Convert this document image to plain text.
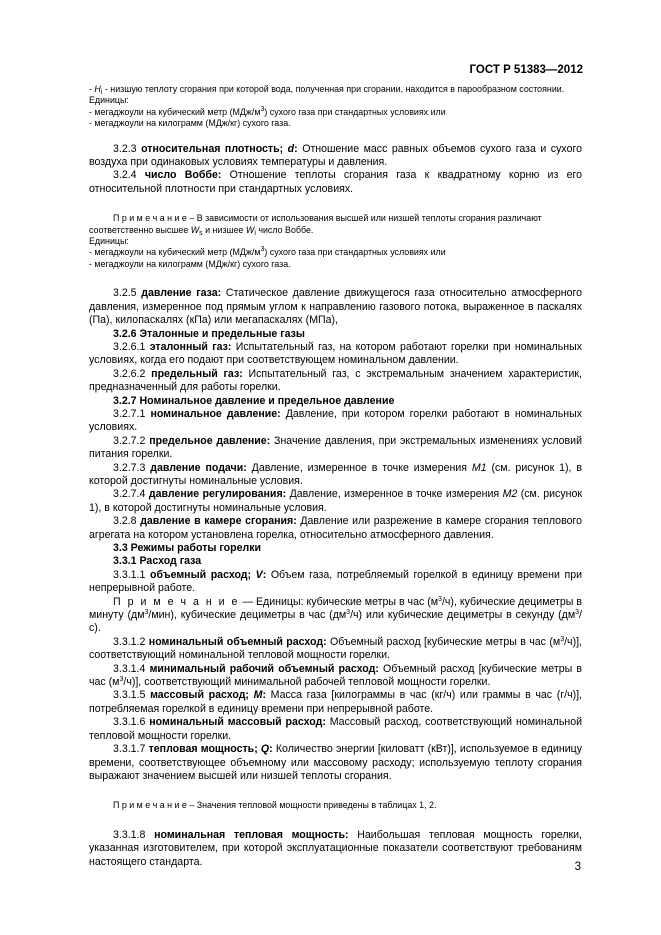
ГОСТ Р 51383—2012

- $H_i$ - низшую теплоту сгорания при которой вода, полученная при сгорании, находится в парообразном состоянии.

Единицы:

- мегаджоули на кубический метр $(МДж/м^3)$ сухого газа при стандартных условиях или

- мегаджоули на килограмм (МДж/кг) сухого газа.

3.2.3 относительная плотность; d: Отношение масс равных объемов сухого газа и сухого воздуха при одинаковых условиях температуры и давления.

3.2.4 число Воббе: Отношение теплоты сгорания газа к квадратному корню из его относительной плотности при стандартных условиях.

П р и м е ч а н и е – В зависимости от использования высшей или низшей теплоты сгорания различают соответственно высшее $W_s$ и низшее $W_i$ число Воббе.

Единицы:

- мегаджоули на кубический метр $(МДж/м^3)$ сухого газа при стандартных условиях или

- мегаджоули на килограмм (МДж/кг) сухого газа.

3.2.5 давление газа: Статическое давление движущегося газа относительно атмосферного давления, измеренное под прямым углом к направлению газового потока, выраженное в паскалях (Па), килопаскалях (кПа) или мегапаскалях (МПа),

3.2.6 Эталонные и предельные газы

3.2.6.1 эталонный газ: Испытательный газ, на котором работают горелки при номинальных условиях, когда его подают при соответствующем номинальном давлении.

3.2.6.2 предельный газ: Испытательный газ, с экстремальным значением характеристик, предназначенный для работы горелки.

3.2.7 Номинальное давление и предельное давление

3.2.7.1 номинальное давление: Давление, при котором горелки работают в номинальных условиях.

3.2.7.2 предельное давление: Значение давления, при экстремальных изменениях условий питания горелки.

3.2.7.3 давление подачи: Давление, измеренное в точке измерения M1 (см. рисунок 1), в которой достигнуты номинальные условия.

3.2.7.4 давление регулирования: Давление, измеренное в точке измерения M2 (см. рисунок 1), в которой достигнуты номинальные условия.

3.2.8 давление в камере сгорания: Давление или разрежение в камере сгорания теплового агрегата на котором установлена горелка, относительно атмосферного давления.

3.3 Режимы работы горелки

3.3.1 Расход газа

3.3.1.1 объемный расход; V: Объем газа, потребляемый горелкой в единицу времени при непрерывной работе.

П р и м е ч а н и е — Единицы: кубические метры в час $(м^3/ч)$, кубические дециметры в минуту $(дм^3/мин)$, кубические дециметры в час $(дм^3/ч)$ или кубические дециметры в секунду $(дм^3/с)$.

3.3.1.2 номинальный объемный расход: Объемный расход [кубические метры в час $(м^3/ч)$], соответствующий номинальной тепловой мощности горелки.

3.3.1.4 минимальный рабочий объемный расход: Объемный расход [кубические метры в час $(м^3/ч)$], соответствующий минимальной рабочей тепловой мощности горелки.

3.3.1.5 массовый расход; M: Масса газа [килограммы в час (кг/ч) или граммы в час (г/ч)], потребляемая горелкой в единицу времени при непрерывной работе.

3.3.1.6 номинальный массовый расход: Массовый расход, соответствующий номинальной тепловой мощности горелки.

3.3.1.7 тепловая мощность; Q: Количество энергии [киловатт (кВт)], используемое в единицу времени, соответствующее объемному или массовому расходу; используемую теплоту сгорания выражают значением высшей или низшей теплоты сгорания.

П р и м е ч а н и е – Значения тепловой мощности приведены в таблицах 1, 2.

3.3.1.8 номинальная тепловая мощность: Наибольшая тепловая мощность горелки, указанная изготовителем, при которой эксплуатационные показатели соответствуют требованиям настоящего стандарта.	3
